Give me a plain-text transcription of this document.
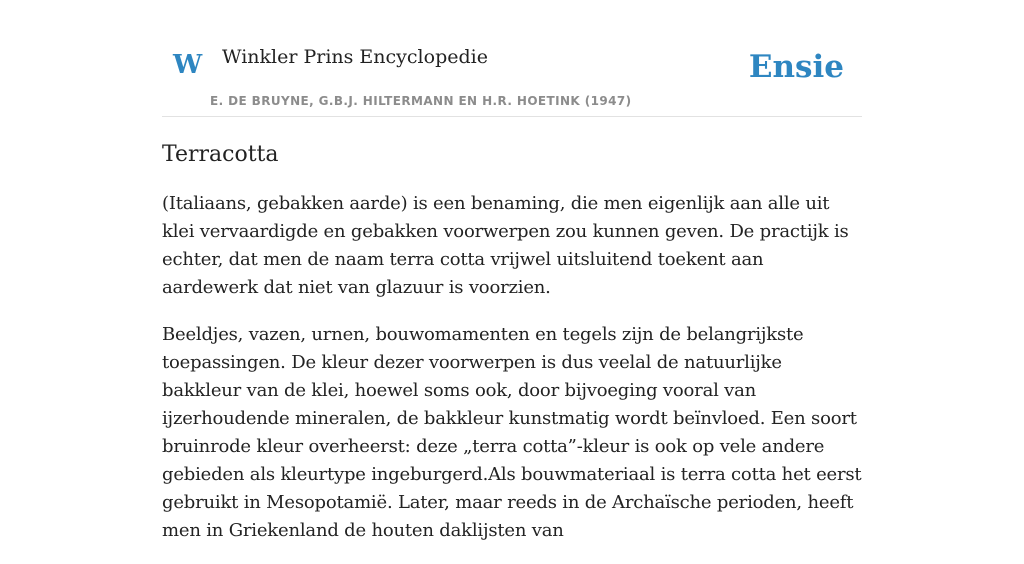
W Winkler Prins Encyclopedie
E. DE BRUYNE, G.B.J. HILTERMANN EN H.R. HOETINK (1947)
Ensie
Terracotta

(Italiaans, gebakken aarde) is een benaming, die men eigenlijk aan alle uit klei vervaardigde en gebakken voorwerpen zou kunnen geven. De practijk is echter, dat men de naam terra cotta vrijwel uitsluitend toekent aan aardewerk dat niet van glazuur is voorzien.

Beeldjes, vazen, urnen, bouwomamenten en tegels zijn de belangrijkste toepassingen. De kleur dezer voorwerpen is dus veelal de natuurlijke bakkleur van de klei, hoewel soms ook, door bijvoeging vooral van ijzerhoudende mineralen, de bakkleur kunstmatig wordt beïnvloed. Een soort bruinrode kleur overheerst: deze „terra cotta”-kleur is ook op vele andere gebieden als kleurtype ingeburgerd.Als bouwmateriaal is terra cotta het eerst gebruikt in Mesopotamië. Later, maar reeds in de Archaïsche perioden, heeft men in Griekenland de houten daklijsten van
